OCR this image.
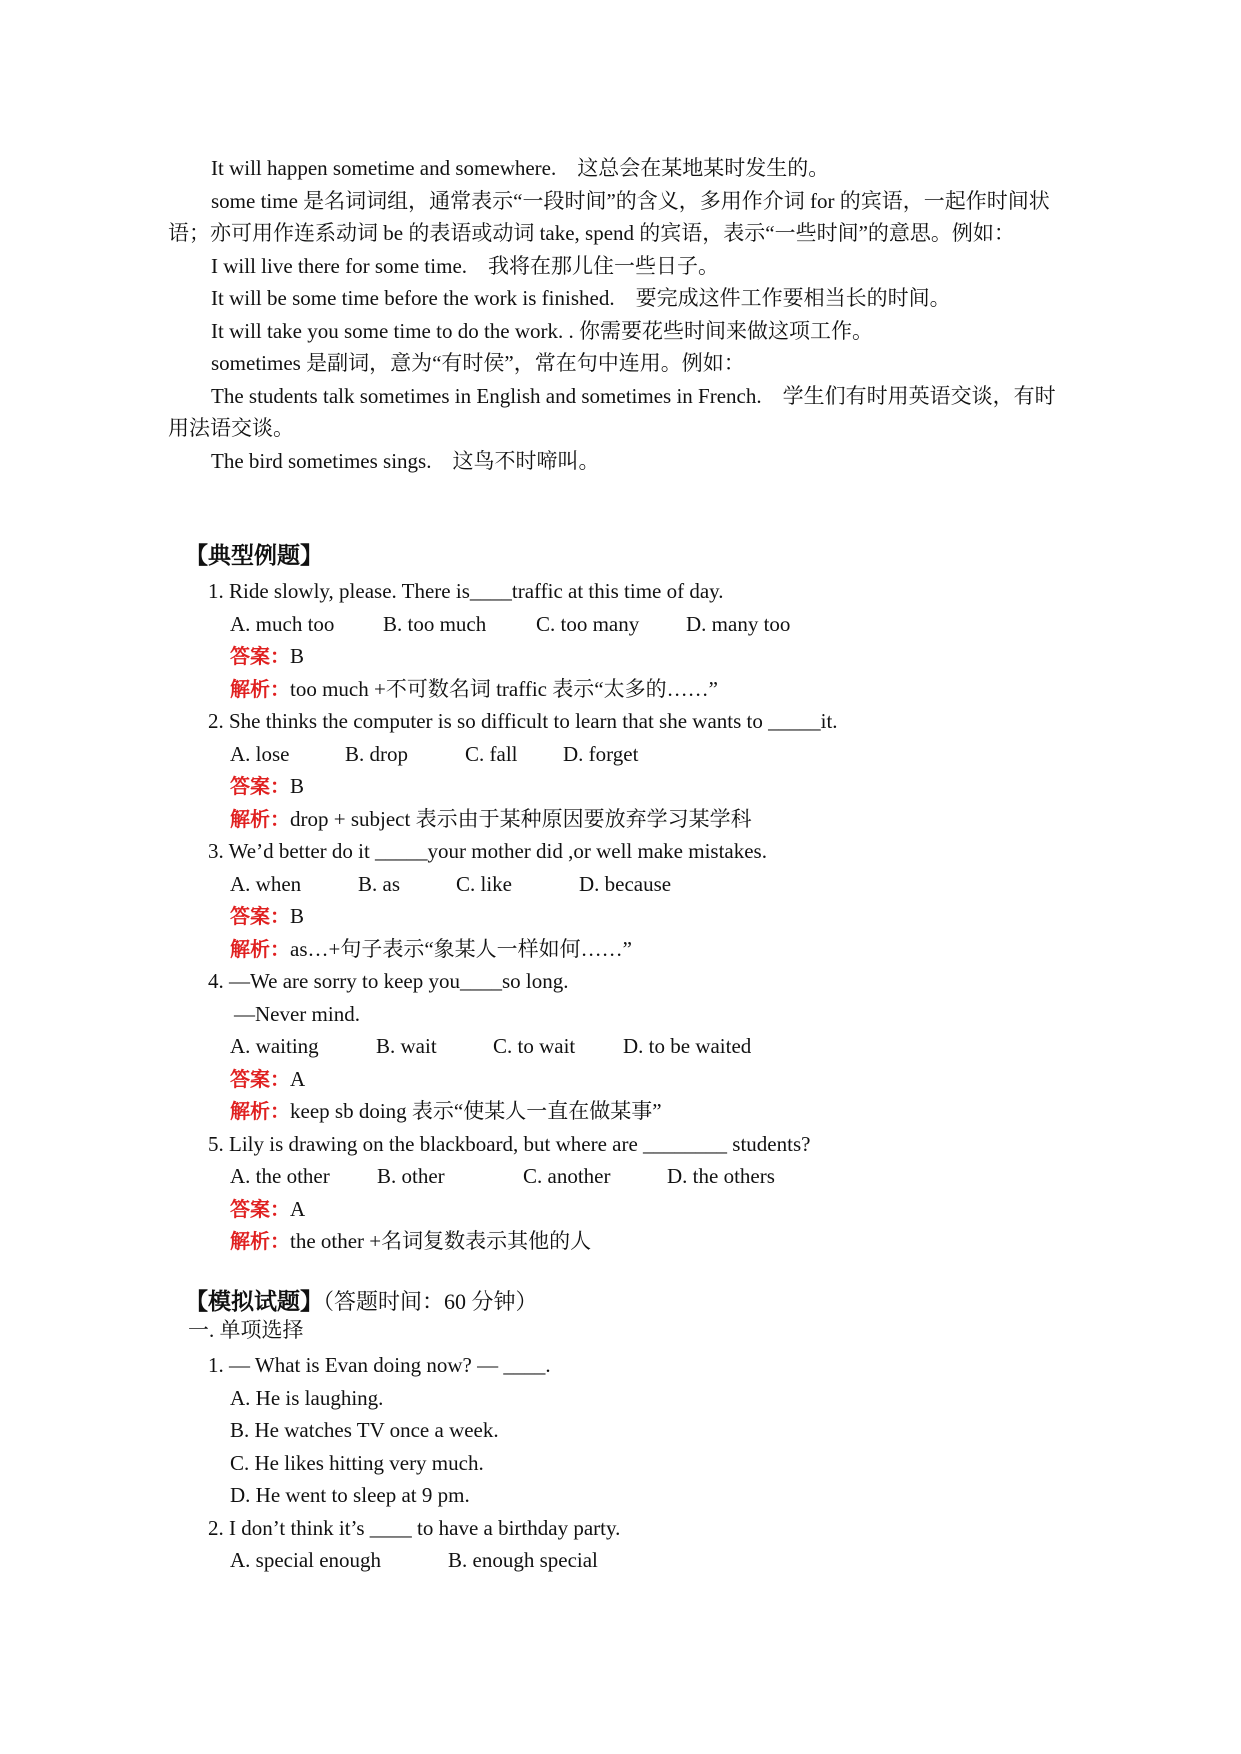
It will happen sometime and somewhere.　这总会在某地某时发生的。

some time 是名词词组，通常表示“一段时间”的含义，多用作介词 for 的宾语，一起作时间状语；亦可用作连系动词 be 的表语或动词 take, spend 的宾语，表示“一些时间”的意思。例如：

I will live there for some time.　我将在那儿住一些日子。

It will be some time before the work is finished.　要完成这件工作要相当长的时间。

It will take you some time to do the work. . 你需要花些时间来做这项工作。

sometimes 是副词，意为“有时侯”，常在句中连用。例如：

The students talk sometimes in English and sometimes in French.　学生们有时用英语交谈，有时用法语交谈。

The bird sometimes sings.　这鸟不时啼叫。

【典型例题】

1. Ride slowly, please. There is____traffic at this time of day.

A. much too	B. too much	C. too many	D. many too

答案：B

解析：too much +不可数名词 traffic 表示“太多的……”

2. She thinks the computer is so difficult to learn that she wants to _____it.

A. lose	B. drop	C. fall	D. forget

答案：B

解析：drop + subject 表示由于某种原因要放弃学习某学科

3. We’d better do it _____your mother did ,or well make mistakes.

A. when	B. as	C. like	D. because

答案：B

解析：as…+句子表示“象某人一样如何……”

4. —We are sorry to keep you____so long.

—Never mind.

A. waiting	B. wait	C. to wait	D. to be waited

答案：A

解析：keep sb doing 表示“使某人一直在做某事”

5. Lily is drawing on the blackboard, but where are ________ students?

A. the other	B. other	C. another	D. the others

答案：A

解析：the other +名词复数表示其他的人

【模拟试题】（答题时间：60 分钟）
一. 单项选择

1. — What is Evan doing now? — ____.

A. He is laughing.

B. He watches TV once a week.

C. He likes hitting very much.

D. He went to sleep at 9 pm.

2. I don’t think it’s ____ to have a birthday party.

A. special enough	B. enough special
